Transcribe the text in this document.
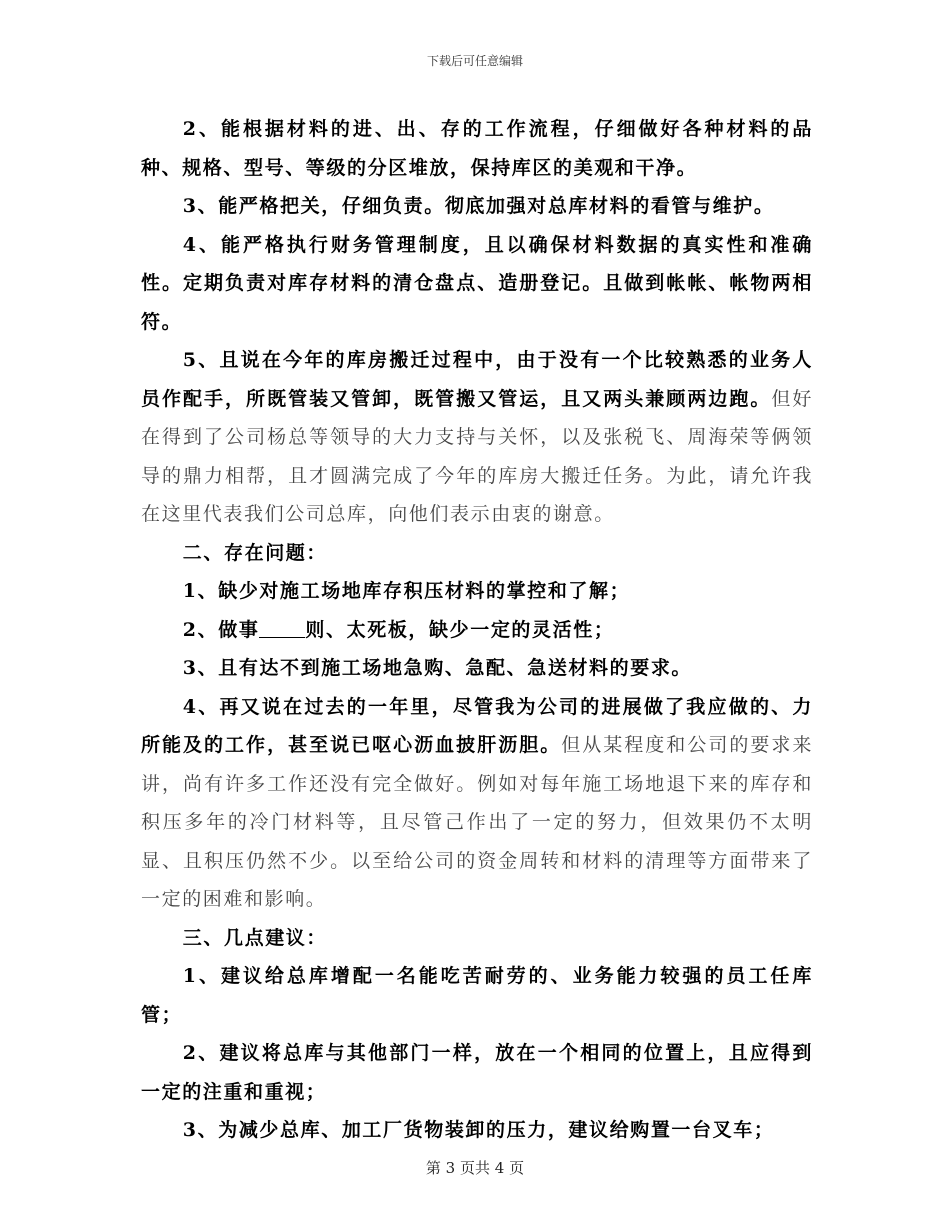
下载后可任意编辑

2、能根据材料的进、出、存的工作流程，仔细做好各种材料的品种、规格、型号、等级的分区堆放，保持库区的美观和干净。

3、能严格把关，仔细负责。彻底加强对总库材料的看管与维护。

4、能严格执行财务管理制度，且以确保材料数据的真实性和准确性。定期负责对库存材料的清仓盘点、造册登记。且做到帐帐、帐物两相符。

5、且说在今年的库房搬迁过程中，由于没有一个比较熟悉的业务人员作配手，所既管装又管卸，既管搬又管运，且又两头兼顾两边跑。但好在得到了公司杨总等领导的大力支持与关怀，以及张税飞、周海荣等俩领导的鼎力相帮，且才圆满完成了今年的库房大搬迁任务。为此，请允许我在这里代表我们公司总库，向他们表示由衷的谢意。

二、存在问题：

1、缺少对施工场地库存积压材料的掌控和了解；

2、做事 则、太死板，缺少一定的灵活性；

3、且有达不到施工场地急购、急配、急送材料的要求。

4、再又说在过去的一年里，尽管我为公司的进展做了我应做的、力所能及的工作，甚至说已呕心沥血披肝沥胆。但从某程度和公司的要求来讲，尚有许多工作还没有完全做好。例如对每年施工场地退下来的库存和积压多年的冷门材料等，且尽管己作出了一定的努力，但效果仍不太明显、且积压仍然不少。以至给公司的资金周转和材料的清理等方面带来了一定的困难和影响。

三、几点建议：

1、建议给总库增配一名能吃苦耐劳的、业务能力较强的员工任库管；

2、建议将总库与其他部门一样，放在一个相同的位置上，且应得到一定的注重和重视；

3、为减少总库、加工厂货物装卸的压力，建议给购置一台叉车；

第 3 页共 4 页
